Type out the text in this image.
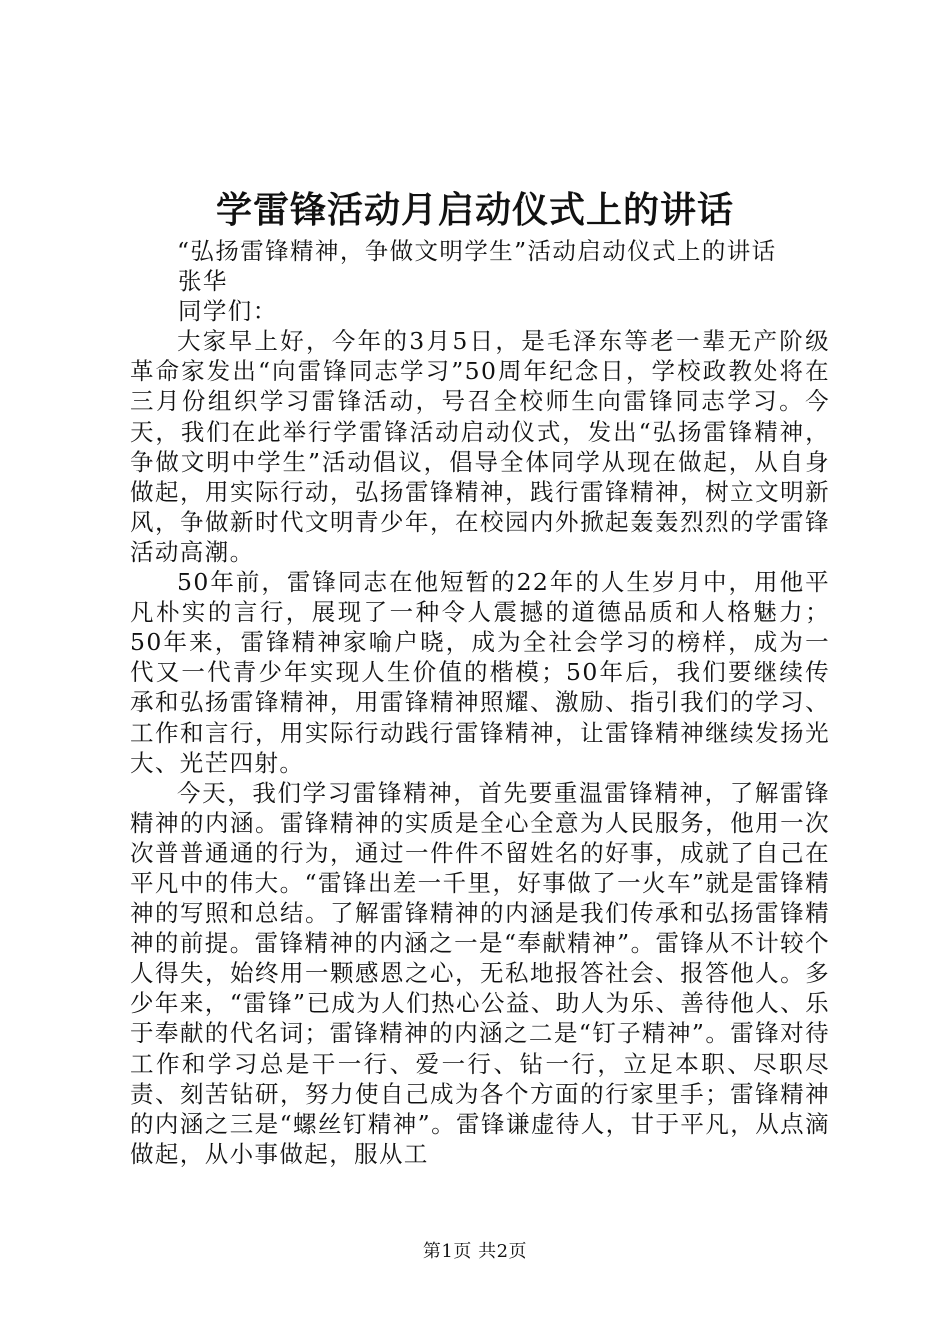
学雷锋活动月启动仪式上的讲话

“弘扬雷锋精神，争做文明学生”活动启动仪式上的讲话

张华

同学们：

大家早上好，今年的3月5日，是毛泽东等老一辈无产阶级革命家发出“向雷锋同志学习”50周年纪念日，学校政教处将在三月份组织学习雷锋活动，号召全校师生向雷锋同志学习。今天，我们在此举行学雷锋活动启动仪式，发出“弘扬雷锋精神，争做文明中学生”活动倡议，倡导全体同学从现在做起，从自身做起，用实际行动，弘扬雷锋精神，践行雷锋精神，树立文明新风，争做新时代文明青少年，在校园内外掀起轰轰烈烈的学雷锋活动高潮。

50年前，雷锋同志在他短暂的22年的人生岁月中，用他平凡朴实的言行，展现了一种令人震撼的道德品质和人格魅力；50年来，雷锋精神家喻户晓，成为全社会学习的榜样，成为一代又一代青少年实现人生价值的楷模；50年后，我们要继续传承和弘扬雷锋精神，用雷锋精神照耀、激励、指引我们的学习、工作和言行，用实际行动践行雷锋精神，让雷锋精神继续发扬光大、光芒四射。

今天，我们学习雷锋精神，首先要重温雷锋精神，了解雷锋精神的内涵。雷锋精神的实质是全心全意为人民服务，他用一次次普普通通的行为，通过一件件不留姓名的好事，成就了自己在平凡中的伟大。“雷锋出差一千里，好事做了一火车”就是雷锋精神的写照和总结。了解雷锋精神的内涵是我们传承和弘扬雷锋精神的前提。雷锋精神的内涵之一是“奉献精神”。雷锋从不计较个人得失，始终用一颗感恩之心，无私地报答社会、报答他人。多少年来，“雷锋”已成为人们热心公益、助人为乐、善待他人、乐于奉献的代名词；雷锋精神的内涵之二是“钉子精神”。雷锋对待工作和学习总是干一行、爱一行、钻一行，立足本职、尽职尽责、刻苦钻研，努力使自己成为各个方面的行家里手；雷锋精神的内涵之三是“螺丝钉精神”。雷锋谦虚待人，甘于平凡，从点滴做起，从小事做起，服从工

第1页 共2页
